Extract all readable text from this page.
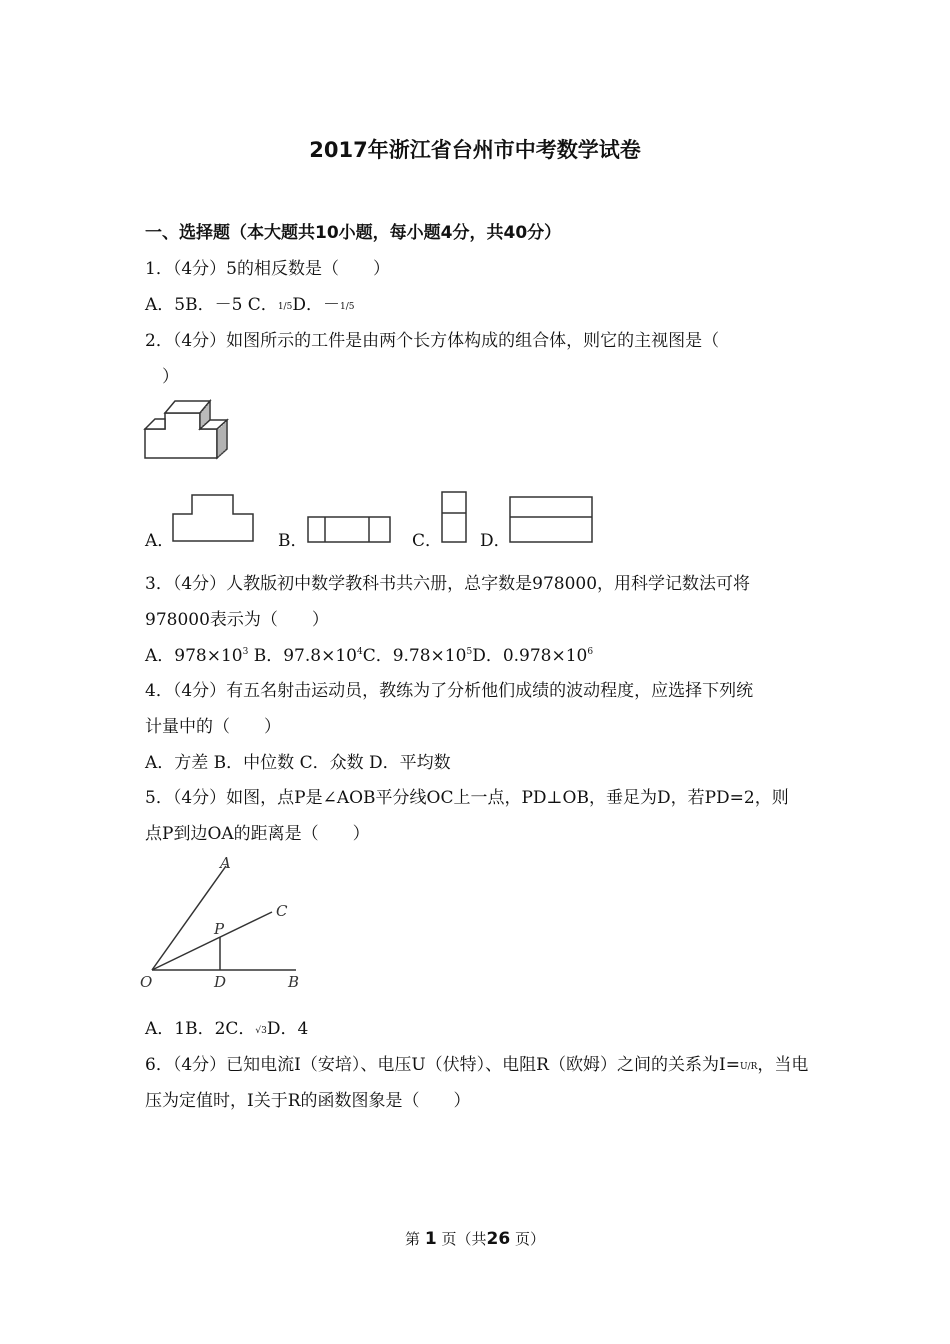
2017年浙江省台州市中考数学试卷
一、选择题（本大题共10小题，每小题4分，共40分）
1．（4分）5的相反数是（　　）
A．5B．－5 C．1/5D．－1/5
2．（4分）如图所示的工件是由两个长方体构成的组合体，则它的主视图是（
　）
A．	B．	C． D．
3．（4分）人教版初中数学教科书共六册，总字数是978000，用科学记数法可将
978000表示为（　　）
A．$978\times 10^3$ B．$97.8\times 10^4C$．$9.78\times 10^5D$．$0.978\times 10^6$
4．（4分）有五名射击运动员，教练为了分析他们成绩的波动程度，应选择下列统
计量中的（　　）
A．方差 B．中位数 C．众数 D．平均数
5．（4分）如图，点P是∠AOB平分线OC上一点，PD⊥OB，垂足为D，若PD=2，则
点P到边OA的距离是（　　）
A
C
P
O	D	B
A．1B．2C．√3D．4
6．（4分）已知电流I（安培）、电压U（伏特）、电阻R（欧姆）之间的关系为I=U/R，当电
压为定值时，I关于R的函数图象是（　　）
第 1 页（共26 页）
